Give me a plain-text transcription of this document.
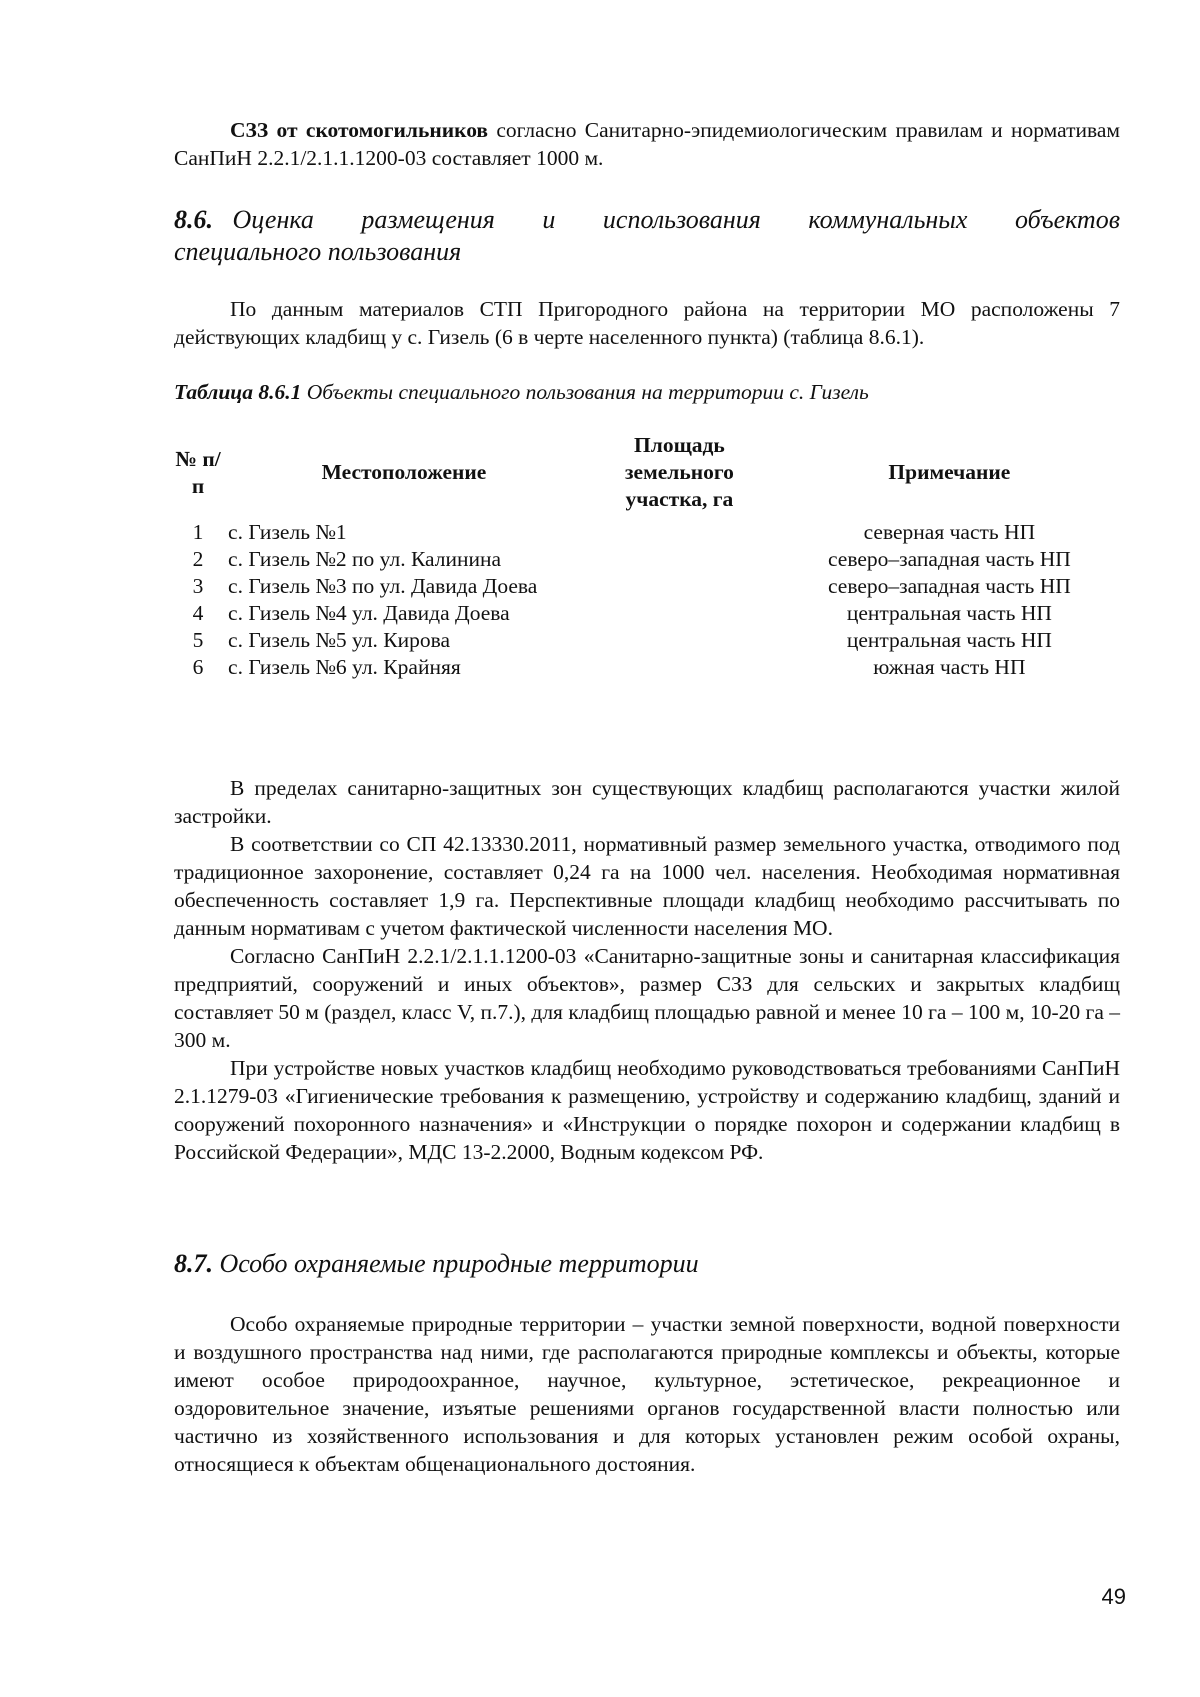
СЗЗ от скотомогильников согласно Санитарно-эпидемиологическим правилам и нормативам СанПиН 2.2.1/2.1.1.1200-03 составляет 1000 м.

8.6. Оценка размещения и использования коммунальных объектов
специального пользования

По данным материалов СТП Пригородного района на территории МО расположены 7 действующих кладбищ у с. Гизель (6 в черте населенного пункта) (таблица 8.6.1).

Таблица 8.6.1 Объекты специального пользования на территории с. Гизель
№ п/п	Местоположение	Площадь земельного участка, га	Примечание
1	с. Гизель №1		северная часть НП
2	с. Гизель №2 по ул. Калинина		северо–западная часть НП
3	с. Гизель №3 по ул. Давида Доева		северо–западная часть НП
4	с. Гизель №4 ул. Давида Доева		центральная часть НП
5	с. Гизель №5 ул. Кирова		центральная часть НП
6	с. Гизель №6 ул. Крайняя		южная часть НП

В пределах санитарно-защитных зон существующих кладбищ располагаются участки жилой застройки.

В соответствии со СП 42.13330.2011, нормативный размер земельного участка, отводимого под традиционное захоронение, составляет 0,24 га на 1000 чел. населения. Необходимая нормативная обеспеченность составляет 1,9 га. Перспективные площади кладбищ необходимо рассчитывать по данным нормативам с учетом фактической численности населения МО.

Согласно СанПиН 2.2.1/2.1.1.1200-03 «Санитарно-защитные зоны и санитарная классификация предприятий, сооружений и иных объектов», размер СЗЗ для сельских и закрытых кладбищ составляет 50 м (раздел, класс V, п.7.), для кладбищ площадью равной и менее 10 га – 100 м, 10-20 га – 300 м.

При устройстве новых участков кладбищ необходимо руководствоваться требованиями СанПиН 2.1.1279-03 «Гигиенические требования к размещению, устройству и содержанию кладбищ, зданий и сооружений похоронного назначения» и «Инструкции о порядке похорон и содержании кладбищ в Российской Федерации», МДС 13-2.2000, Водным кодексом РФ.

8.7. Особо охраняемые природные территории

Особо охраняемые природные территории – участки земной поверхности, водной поверхности и воздушного пространства над ними, где располагаются природные комплексы и объекты, которые имеют особое природоохранное, научное, культурное, эстетическое, рекреационное и оздоровительное значение, изъятые решениями органов государственной власти полностью или частично из хозяйственного использования и для которых установлен режим особой охраны, относящиеся к объектам общенационального достояния.

49
